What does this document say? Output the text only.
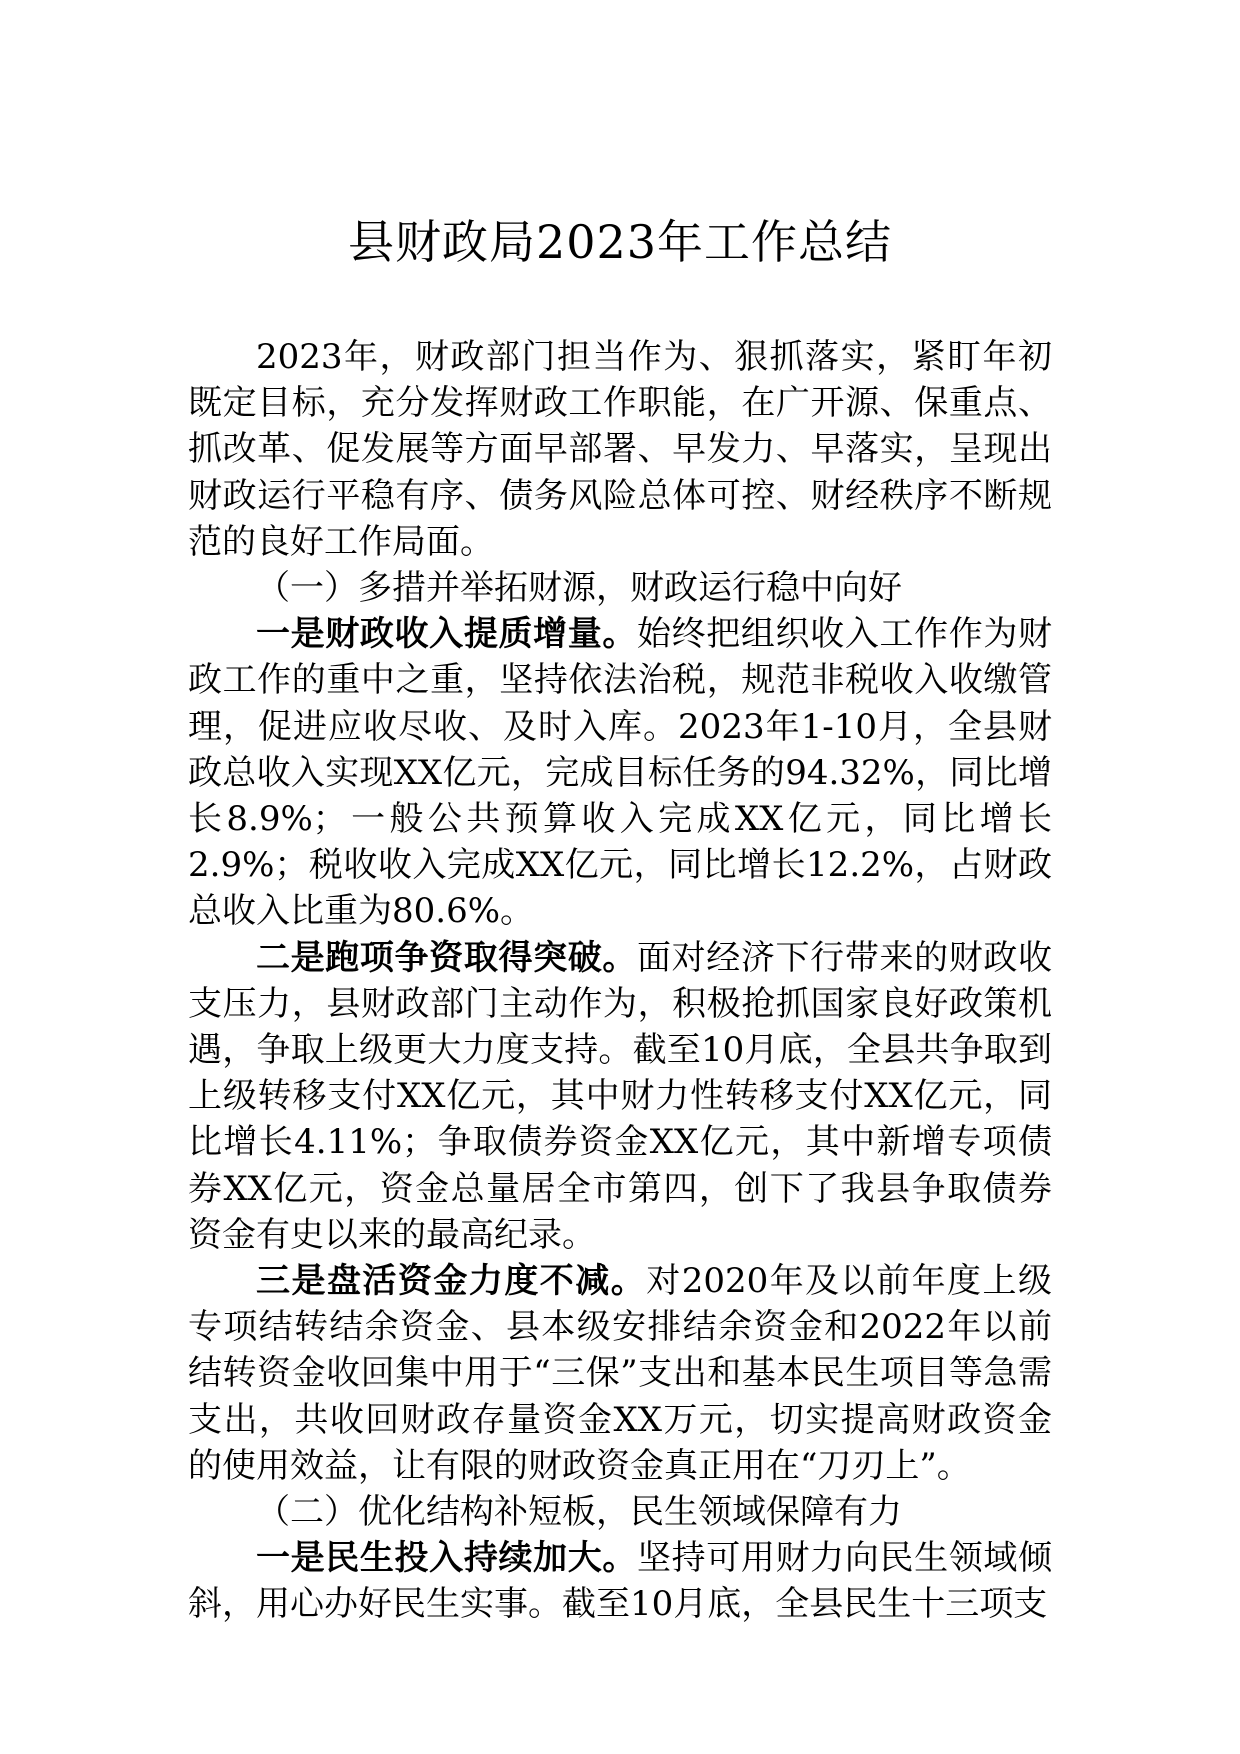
县财政局2023年工作总结

2023年，财政部门担当作为、狠抓落实，紧盯年初既定目标，充分发挥财政工作职能，在广开源、保重点、抓改革、促发展等方面早部署、早发力、早落实，呈现出财政运行平稳有序、债务风险总体可控、财经秩序不断规范的良好工作局面。

（一）多措并举拓财源，财政运行稳中向好

一是财政收入提质增量。始终把组织收入工作作为财政工作的重中之重，坚持依法治税，规范非税收入收缴管理，促进应收尽收、及时入库。2023年1-10月，全县财政总收入实现XX亿元，完成目标任务的94.32%，同比增长8.9%；一般公共预算收入完成XX亿元，同比增长2.9%；税收收入完成XX亿元，同比增长12.2%，占财政总收入比重为80.6%。

二是跑项争资取得突破。面对经济下行带来的财政收支压力，县财政部门主动作为，积极抢抓国家良好政策机遇，争取上级更大力度支持。截至10月底，全县共争取到上级转移支付XX亿元，其中财力性转移支付XX亿元，同比增长4.11%；争取债券资金XX亿元，其中新增专项债券XX亿元，资金总量居全市第四，创下了我县争取债券资金有史以来的最高纪录。

三是盘活资金力度不减。对2020年及以前年度上级专项结转结余资金、县本级安排结余资金和2022年以前结转资金收回集中用于“三保”支出和基本民生项目等急需支出，共收回财政存量资金XX万元，切实提高财政资金的使用效益，让有限的财政资金真正用在“刀刃上”。

（二）优化结构补短板，民生领域保障有力

一是民生投入持续加大。坚持可用财力向民生领域倾斜，用心办好民生实事。截至10月底，全县民生十三项支
